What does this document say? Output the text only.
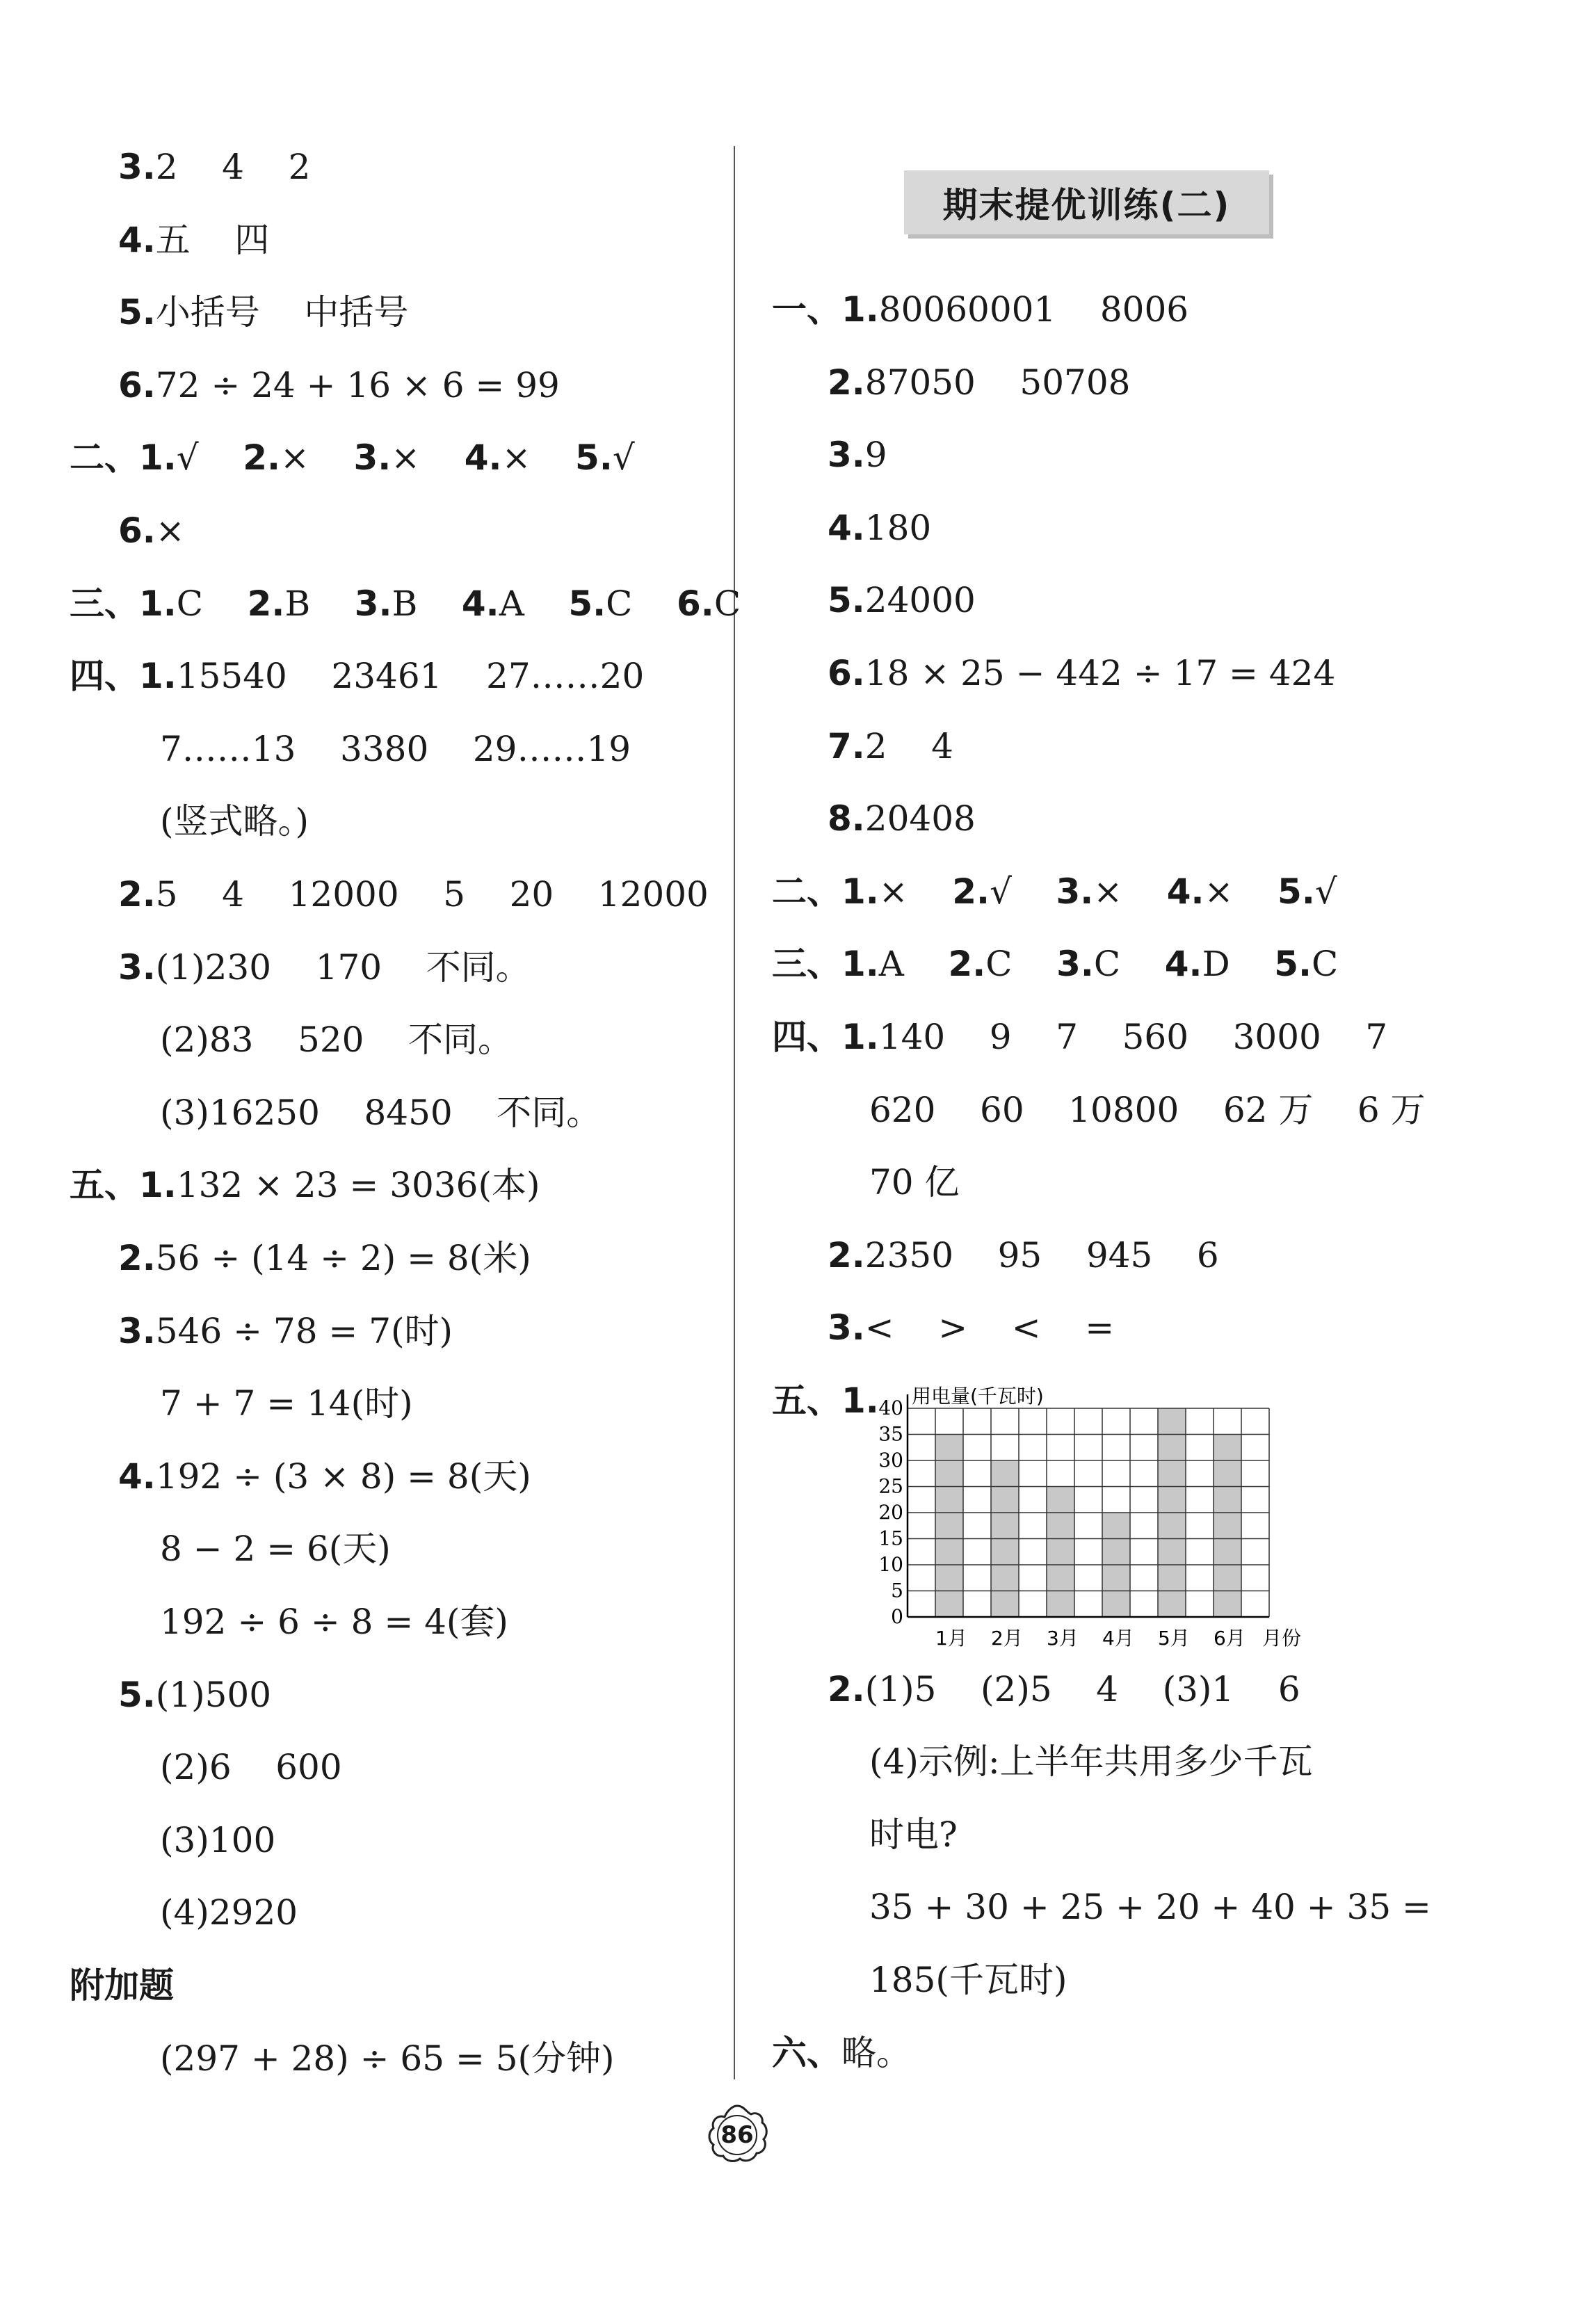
3.2    4    2
4.五    四
5.小括号    中括号
6.72 ÷ 24 + 16 × 6 = 99
二、1.√    2.×    3.×    4.×    5.√
6.×
三、1.C    2.B    3.B    4.A    5.C    6.C
四、1.15540    23461    27……20
7……13    3380    29……19
(竖式略。)
2.5    4    12000    5    20    12000
3.(1)230    170    不同。
(2)83    520    不同。
(3)16250    8450    不同。
五、1.132 × 23 = 3036(本)
2.56 ÷ (14 ÷ 2) = 8(米)
3.546 ÷ 78 = 7(时)
7 + 7 = 14(时)
4.192 ÷ (3 × 8) = 8(天)
8 − 2 = 6(天)
192 ÷ 6 ÷ 8 = 4(套)
5.(1)500
(2)6    600
(3)100
(4)2920
附加题
(297 + 28) ÷ 65 = 5(分钟)
期末提优训练(二)
一、1.80060001    8006
2.87050    50708
3.9
4.180
5.24000
6.18 × 25 − 442 ÷ 17 = 424
7.2    4
8.20408
二、1.×    2.√    3.×    4.×    5.√
三、1.A    2.C    3.C    4.D    5.C
四、1.140    9    7    560    3000    7
620    60    10800    62 万    6 万
70 亿
2.2350    95    945    6
3.<    >    <    =
五、1.
2.(1)5    (2)5    4    (3)1    6
(4)示例:上半年共用多少千瓦
时电?
35 + 30 + 25 + 20 + 40 + 35 =
185(千瓦时)
六、略。
0
5
10
15
20
25
30
35
40
用电量(千瓦时)
1月 2月 3月 4月 5月 6月 月份
86
